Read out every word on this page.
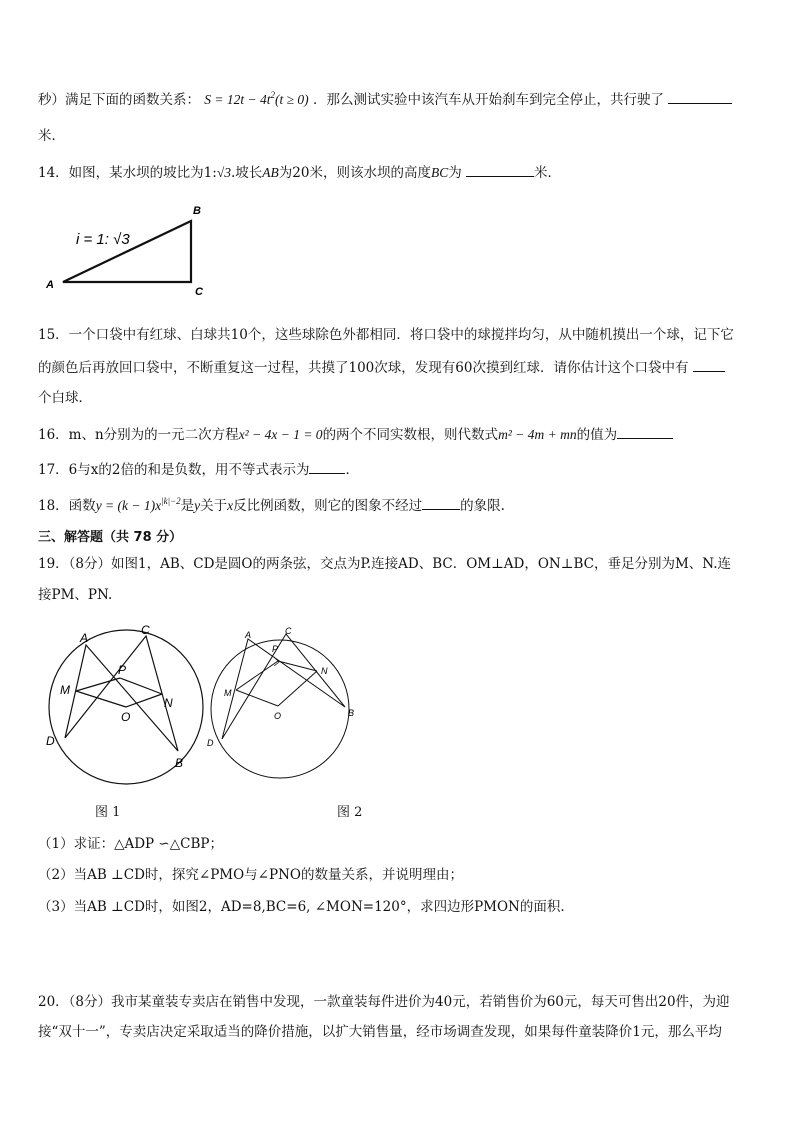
秒）满足下面的函数关系： $S = 12t - 4t^2(t \ge 0)$ ．那么测试实验中该汽车从开始刹车到完全停止，共行驶了
米．
14．如图，某水坝的坡比为1:√3.坡长AB为20米，则该水坝的高度BC为	米．
i = 1: √3
A
B
C
15．一个口袋中有红球、白球共10个，这些球除色外都相同．将口袋中的球搅拌均匀，从中随机摸出一个球，记下它
的颜色后再放回口袋中，不断重复这一过程，共摸了100次球，发现有60次摸到红球．请你估计这个口袋中有
个白球．
16．m、n分别为的一元二次方程x² − 4x − 1 = 0的两个不同实数根，则代数式m² − 4m + mn的值为
17．6与x的2倍的和是负数，用不等式表示为	．
18．函数$y = (k - 1)x^{|k|-2}$是y关于x反比例函数，则它的图象不经过	的象限.
三、解答题（共 78 分）
19．（8分）如图1，AB、CD是圆O的两条弦，交点为P.连接AD、BC．OM⊥AD，ON⊥BC，垂足分别为M、N.连
接PM、PN.
A
C
P
M
O
N
D
B
A	C
P
M
O
N
D
B
图 1	图 2
（1）求证：△ADP ∽△CBP；
（2）当AB ⊥CD时，探究∠PMO与∠PNO的数量关系，并说明理由；
（3）当AB ⊥CD时，如图2，AD=8,BC=6, ∠MON=120°，求四边形PMON的面积.
20．（8分）我市某童装专卖店在销售中发现，一款童装每件进价为40元，若销售价为60元，每天可售出20件，为迎
接“双十一”，专卖店决定采取适当的降价措施，以扩大销售量，经市场调查发现，如果每件童装降价1元，那么平均
